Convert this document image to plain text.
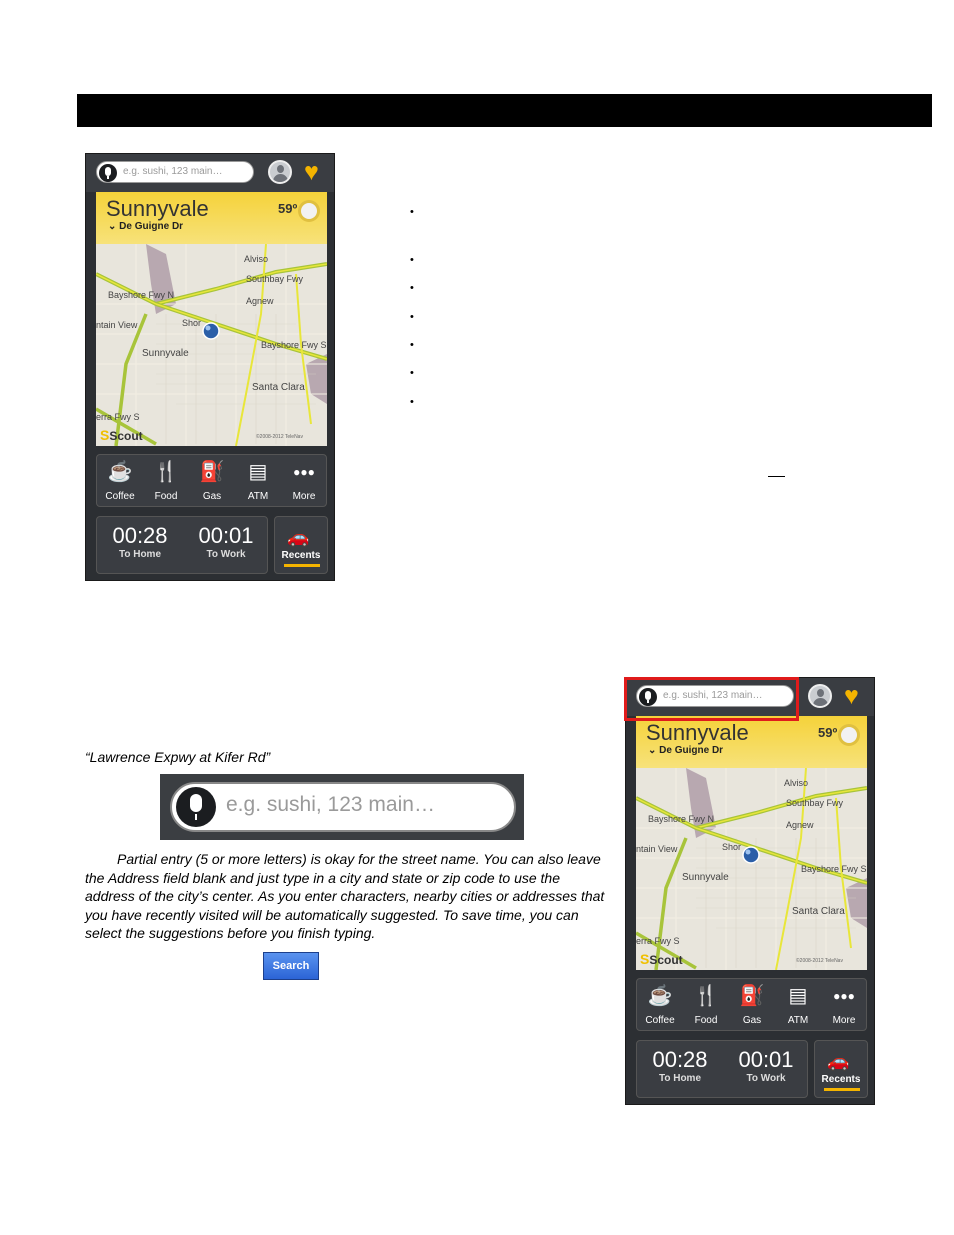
e.g. sushi, 123 main…	♥
Sunnyvale
⌄ De Guigne Dr
59º
Alviso
Southbay Fwy
Bayshore Fwy N
Agnew
Shor
ntain View
Sunnyvale
Bayshore Fwy S
Santa Clara
erra Fwy S
©2008-2012 TeleNav
SScout
☕
Coffee
🍴
Food
⛽
Gas
▤
ATM
●●●
More
00:28
To Home
00:01
To Work
🚗
Recents
•
•
•
•
•
•
•
e.g. sushi, 123 main…	♥
Sunnyvale
⌄ De Guigne Dr
59º
Alviso
Southbay Fwy
Bayshore Fwy N
Agnew
Shor
ntain View
Sunnyvale
Bayshore Fwy S
Santa Clara
erra Fwy S
©2008-2012 TeleNav
SScout
☕
Coffee
🍴
Food
⛽
Gas
▤
ATM
●●●
More
00:28
To Home
00:01
To Work
🚗
Recents
“Lawrence Expwy at Kifer Rd”
e.g. sushi, 123 main…
Partial entry (5 or more letters) is okay for the street name. You can also leave the Address field blank and just type in a city and state or zip code to use the address of the city’s center. As you enter characters, nearby cities or addresses that you have recently visited will be automatically suggested. To save time, you can select the suggestions before you finish typing.
Search
